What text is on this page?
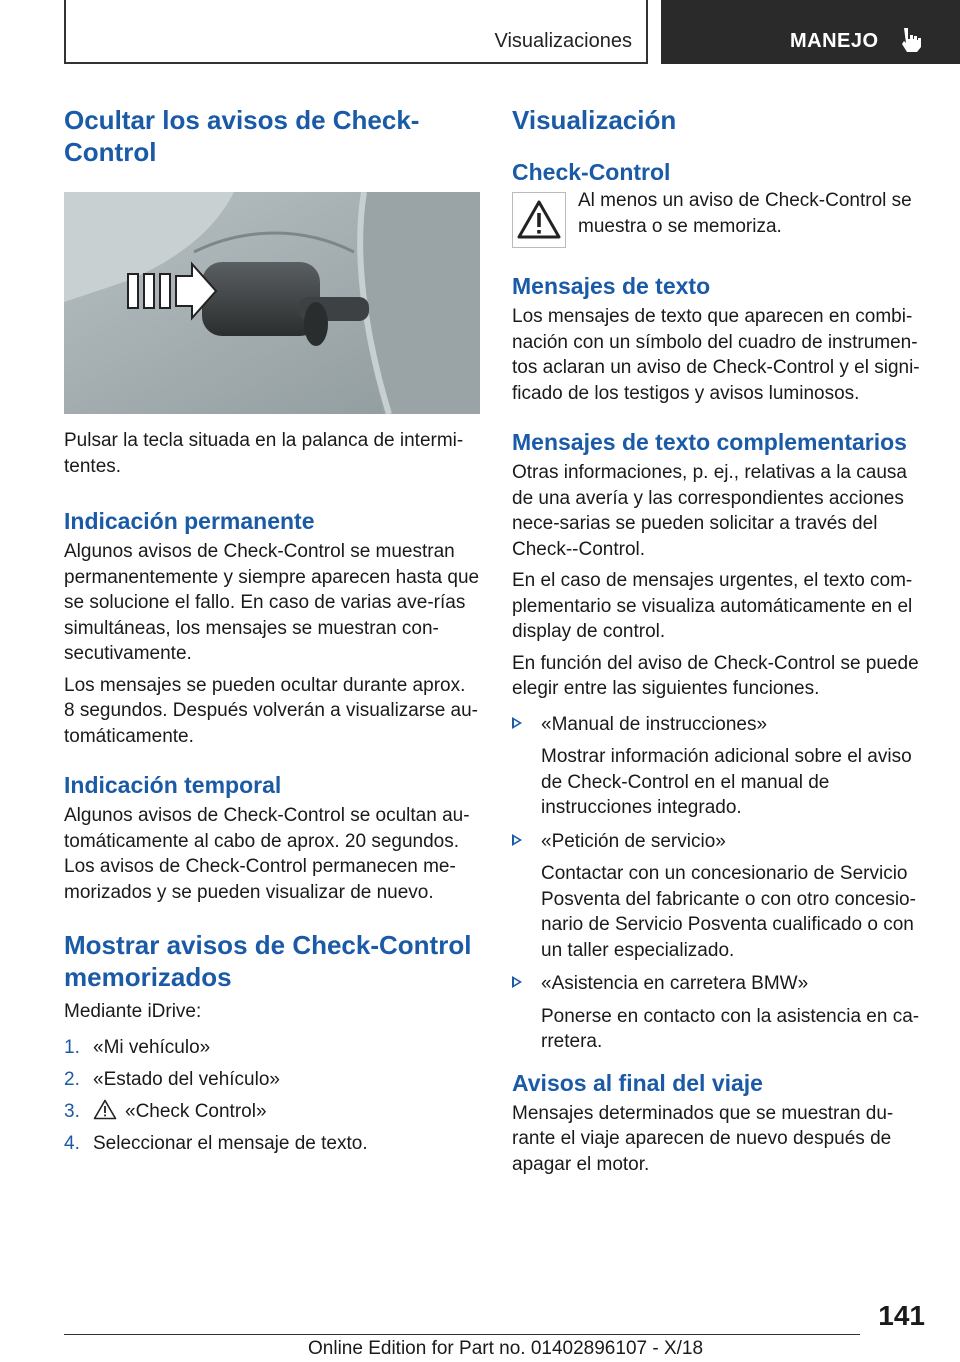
Visualizaciones	MANEJO
Ocultar los avisos de Check-Control
Pulsar la tecla situada en la palanca de intermi-tentes.
Indicación permanente
Algunos avisos de Check-Control se muestran permanentemente y siempre aparecen hasta que se solucione el fallo. En caso de varias ave-rías simultáneas, los mensajes se muestran con-secutivamente.
Los mensajes se pueden ocultar durante aprox. 8 segundos. Después volverán a visualizarse au-tomáticamente.
Indicación temporal
Algunos avisos de Check-Control se ocultan au-tomáticamente al cabo de aprox. 20 segundos. Los avisos de Check-Control permanecen me-morizados y se pueden visualizar de nuevo.
Mostrar avisos de Check-Control memorizados
Mediante iDrive:
1. «Mi vehículo»
2. «Estado del vehículo»
3. «Check Control»
4. Seleccionar el mensaje de texto.
Visualización
Check-Control
Al menos un aviso de Check-Control se muestra o se memoriza.
Mensajes de texto
Los mensajes de texto que aparecen en combi-nación con un símbolo del cuadro de instrumen-tos aclaran un aviso de Check-Control y el signi-ficado de los testigos y avisos luminosos.
Mensajes de texto complementarios
Otras informaciones, p. ej., relativas a la causa de una avería y las correspondientes acciones nece-sarias se pueden solicitar a través del Check--Control.
En el caso de mensajes urgentes, el texto com-plementario se visualiza automáticamente en el display de control.
En función del aviso de Check-Control se puede elegir entre las siguientes funciones.
«Manual de instrucciones»
Mostrar información adicional sobre el aviso de Check-Control en el manual de instrucciones integrado.
«Petición de servicio»
Contactar con un concesionario de Servicio Posventa del fabricante o con otro concesio-nario de Servicio Posventa cualificado o con un taller especializado.
«Asistencia en carretera BMW»
Ponerse en contacto con la asistencia en ca-rretera.
Avisos al final del viaje
Mensajes determinados que se muestran du-rante el viaje aparecen de nuevo después de apagar el motor.
141
Online Edition for Part no. 01402896107 - X/18
